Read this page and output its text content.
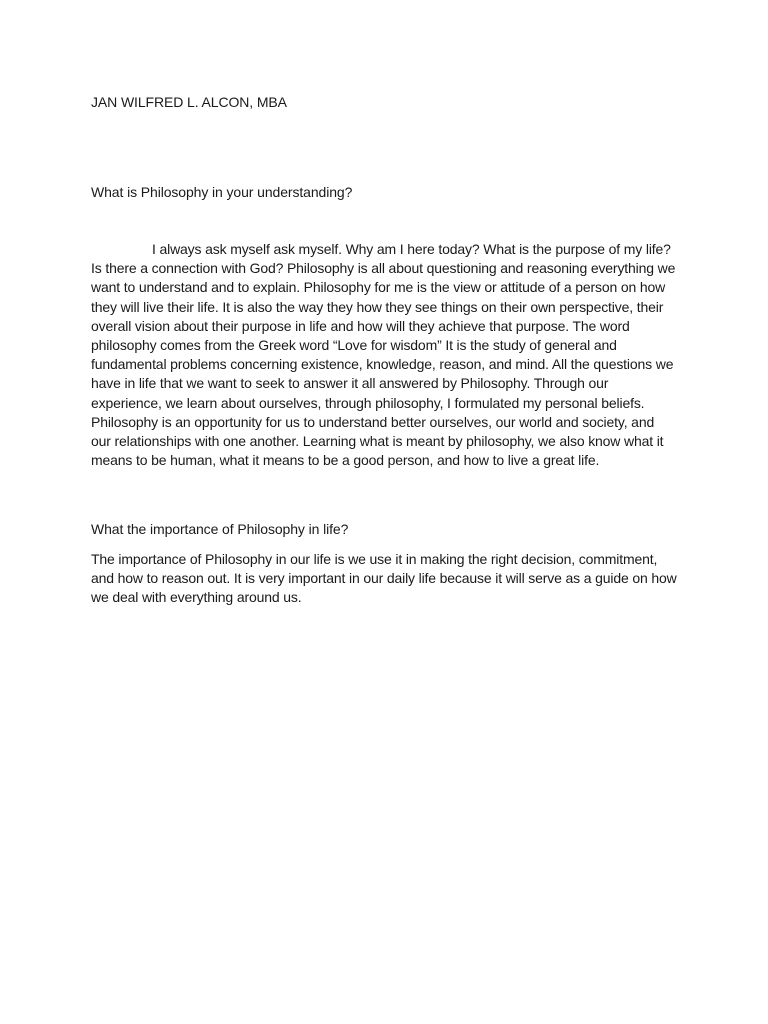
JAN WILFRED L. ALCON, MBA
What is Philosophy in your understanding?

I always ask myself ask myself. Why am I here today? What is the purpose of my life? Is there a connection with God? Philosophy is all about questioning and reasoning everything we want to understand and to explain. Philosophy for me is the view or attitude of a person on how they will live their life. It is also the way they how they see things on their own perspective, their overall vision about their purpose in life and how will they achieve that purpose. The word philosophy comes from the Greek word “Love for wisdom” It is the study of general and fundamental problems concerning existence, knowledge, reason, and mind. All the questions we have in life that we want to seek to answer it all answered by Philosophy. Through our experience, we learn about ourselves, through philosophy, I formulated my personal beliefs. Philosophy is an opportunity for us to understand better ourselves, our world and society, and our relationships with one another. Learning what is meant by philosophy, we also know what it means to be human, what it means to be a good person, and how to live a great life.

What the importance of Philosophy in life?

The importance of Philosophy in our life is we use it in making the right decision, commitment, and how to reason out. It is very important in our daily life because it will serve as a guide on how we deal with everything around us.
